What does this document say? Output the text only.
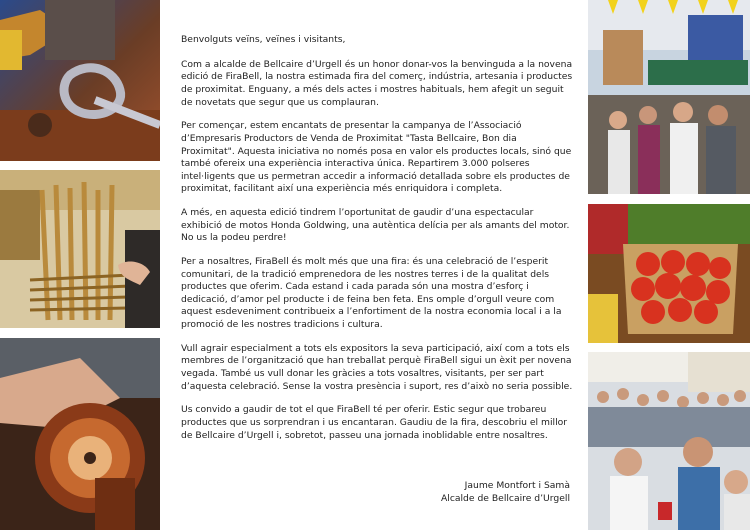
Benvolguts veïns, veïnes i visitants,

Com a alcalde de Bellcaire d’Urgell és un honor donar-vos la benvinguda a la novena edició de FiraBell, la nostra estimada fira del comerç, indústria, artesania i productes de proximitat. Enguany, a més dels actes i mostres habituals, hem afegit un seguit de novetats que segur que us complauran.

Per començar, estem encantats de presentar la campanya de l’Associació d’Empresaris Productors de Venda de Proximitat "Tasta Bellcaire, Bon dia Proximitat". Aquesta iniciativa no només posa en valor els productes locals, sinó que també ofereix una experiència interactiva única. Repartirem 3.000 polseres intel·ligents que us permetran accedir a informació detallada sobre els productes de proximitat, facilitant així una experiència més enriquidora i completa.

A més, en aquesta edició tindrem l’oportunitat de gaudir d’una espectacular exhibició de motos Honda Goldwing, una autèntica delícia per als amants del motor. No us la podeu perdre!

Per a nosaltres, FiraBell és molt més que una fira: és una celebració de l’esperit comunitari, de la tradició emprenedora de les nostres terres i de la qualitat dels productes que oferim. Cada estand i cada parada són una mostra d’esforç i dedicació, d’amor pel producte i de feina ben feta. Ens omple d’orgull veure com aquest esdeveniment contribueix a l’enfortiment de la nostra economia local i a la promoció de les nostres tradicions i cultura.

Vull agrair especialment a tots els expositors la seva participació, així com a tots els membres de l’organització que han treballat perquè FiraBell sigui un èxit per novena vegada. També us vull donar les gràcies a tots vosaltres, visitants, per ser part d’aquesta celebració. Sense la vostra presència i suport, res d’això no seria possible.

Us convido a gaudir de tot el que FiraBell té per oferir. Estic segur que trobareu productes que us sorprendran i us encantaran. Gaudiu de la fira, descobriu el millor de Bellcaire d’Urgell i, sobretot, passeu una jornada inoblidable entre nosaltres.

Jaume Montfort i Samà
Alcalde de Bellcaire d’Urgell
